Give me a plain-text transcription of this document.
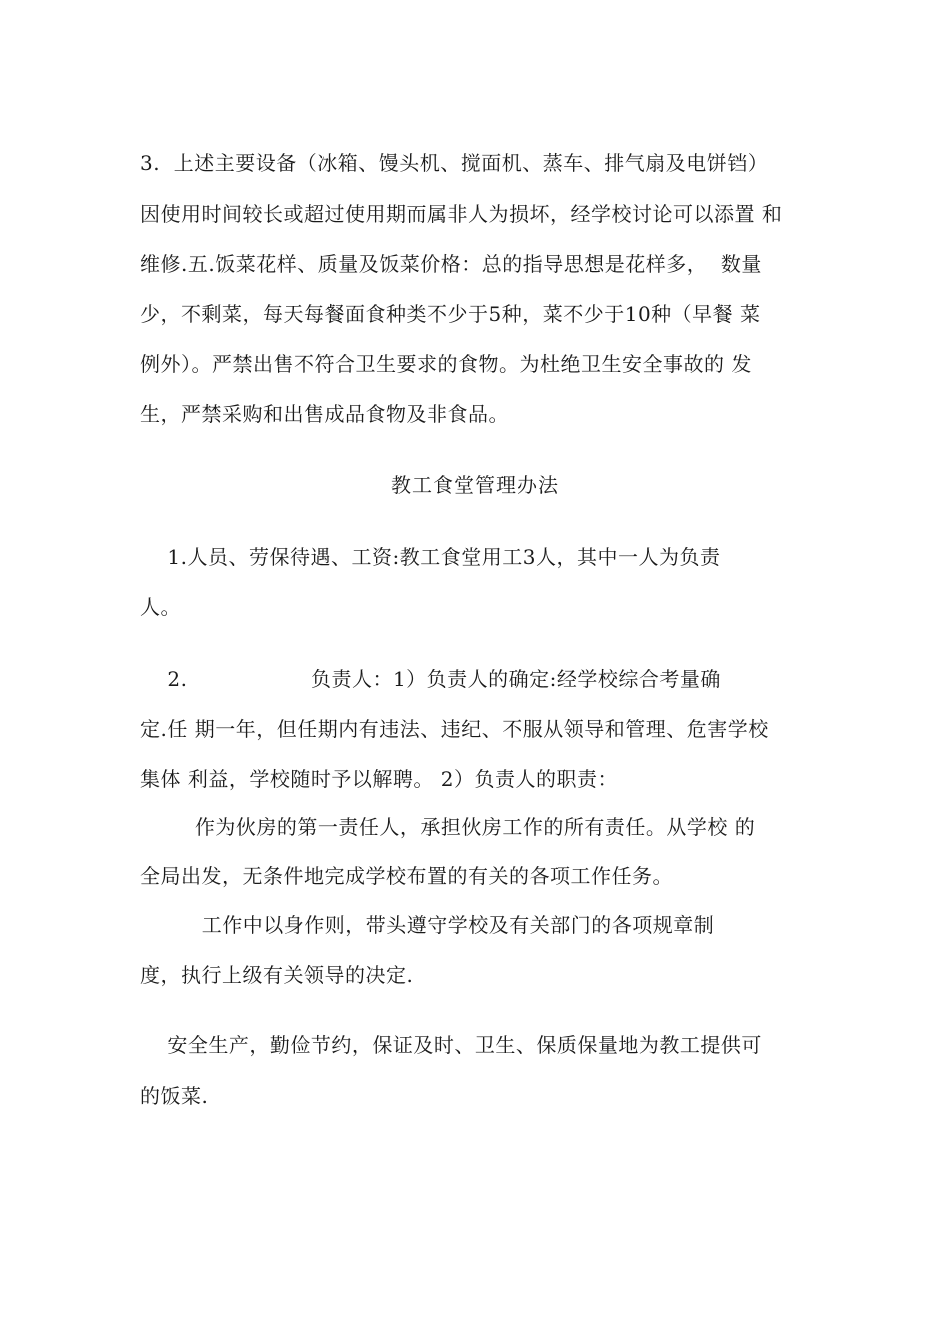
3.  上述主要设备（冰箱、馒头机、搅面机、蒸车、排气扇及电饼铛）
因使用时间较长或超过使用期而属非人为损坏，经学校讨论可以添置 和
维修.五.饭菜花样、质量及饭菜价格：总的指导思想是花样多，  数量
少，不剩菜，每天每餐面食种类不少于5种，菜不少于10种（早餐 菜
例外）。严禁出售不符合卫生要求的食物。为杜绝卫生安全事故的 发
生，严禁采购和出售成品食物及非食品。
教工食堂管理办法
1.人员、劳保待遇、工资:教工食堂用工3人，其中一人为负责
人。
2.                  负责人：1）负责人的确定:经学校综合考量确
定.任 期一年，但任期内有违法、违纪、不服从领导和管理、危害学校
集体 利益，学校随时予以解聘。 2）负责人的职责：
作为伙房的第一责任人，承担伙房工作的所有责任。从学校 的
全局出发，无条件地完成学校布置的有关的各项工作任务。
工作中以身作则，带头遵守学校及有关部门的各项规章制
度，执行上级有关领导的决定.
安全生产，勤俭节约，保证及时、卫生、保质保量地为教工提供可
的饭菜.
